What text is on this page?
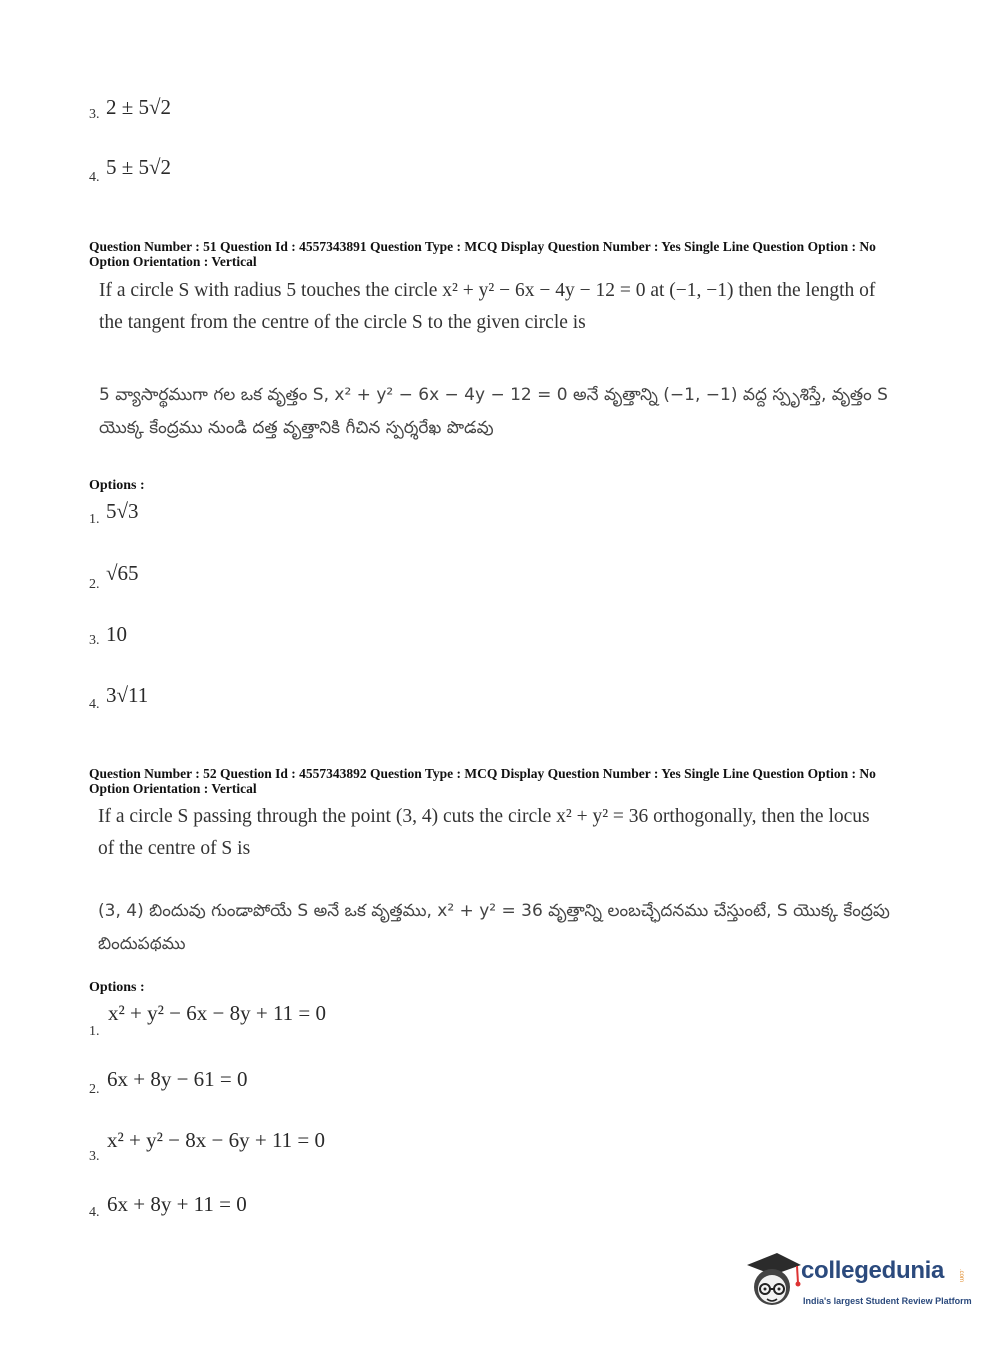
3. 2 ± 5√2
4. 5 ± 5√2
Question Number : 51 Question Id : 4557343891 Question Type : MCQ Display Question Number : Yes Single Line Question Option : No Option Orientation : Vertical
If a circle S with radius 5 touches the circle x² + y² − 6x − 4y − 12 = 0 at (−1, −1) then the length of the tangent from the centre of the circle S to the given circle is
5 వ్యాసార్థముగా గల ఒక వృత్తం S, x² + y² − 6x − 4y − 12 = 0 అనే వృత్తాన్ని (−1, −1) వద్ద స్పృశిస్తే, వృత్తం S యొక్క కేంద్రము నుండి దత్త వృత్తానికి గీచిన స్పర్శరేఖ పొడవు
Options :
1. 5√3
2. √65
3. 10
4. 3√11
Question Number : 52 Question Id : 4557343892 Question Type : MCQ Display Question Number : Yes Single Line Question Option : No Option Orientation : Vertical
If a circle S passing through the point (3, 4) cuts the circle x² + y² = 36 orthogonally, then the locus of the centre of S is
(3, 4) బిందువు గుండాపోయే S అనే ఒక వృత్తము, x² + y² = 36 వృత్తాన్ని లంబచ్ఛేదనము చేస్తుంటే, S యొక్క కేంద్రపు బిందుపథము
Options :
1.
x² + y² − 6x − 8y + 11 = 0
2. 6x + 8y − 61 = 0
3.
x² + y² − 8x − 6y + 11 = 0
4. 6x + 8y + 11 = 0
collegedunia .com
India's largest Student Review Platform
